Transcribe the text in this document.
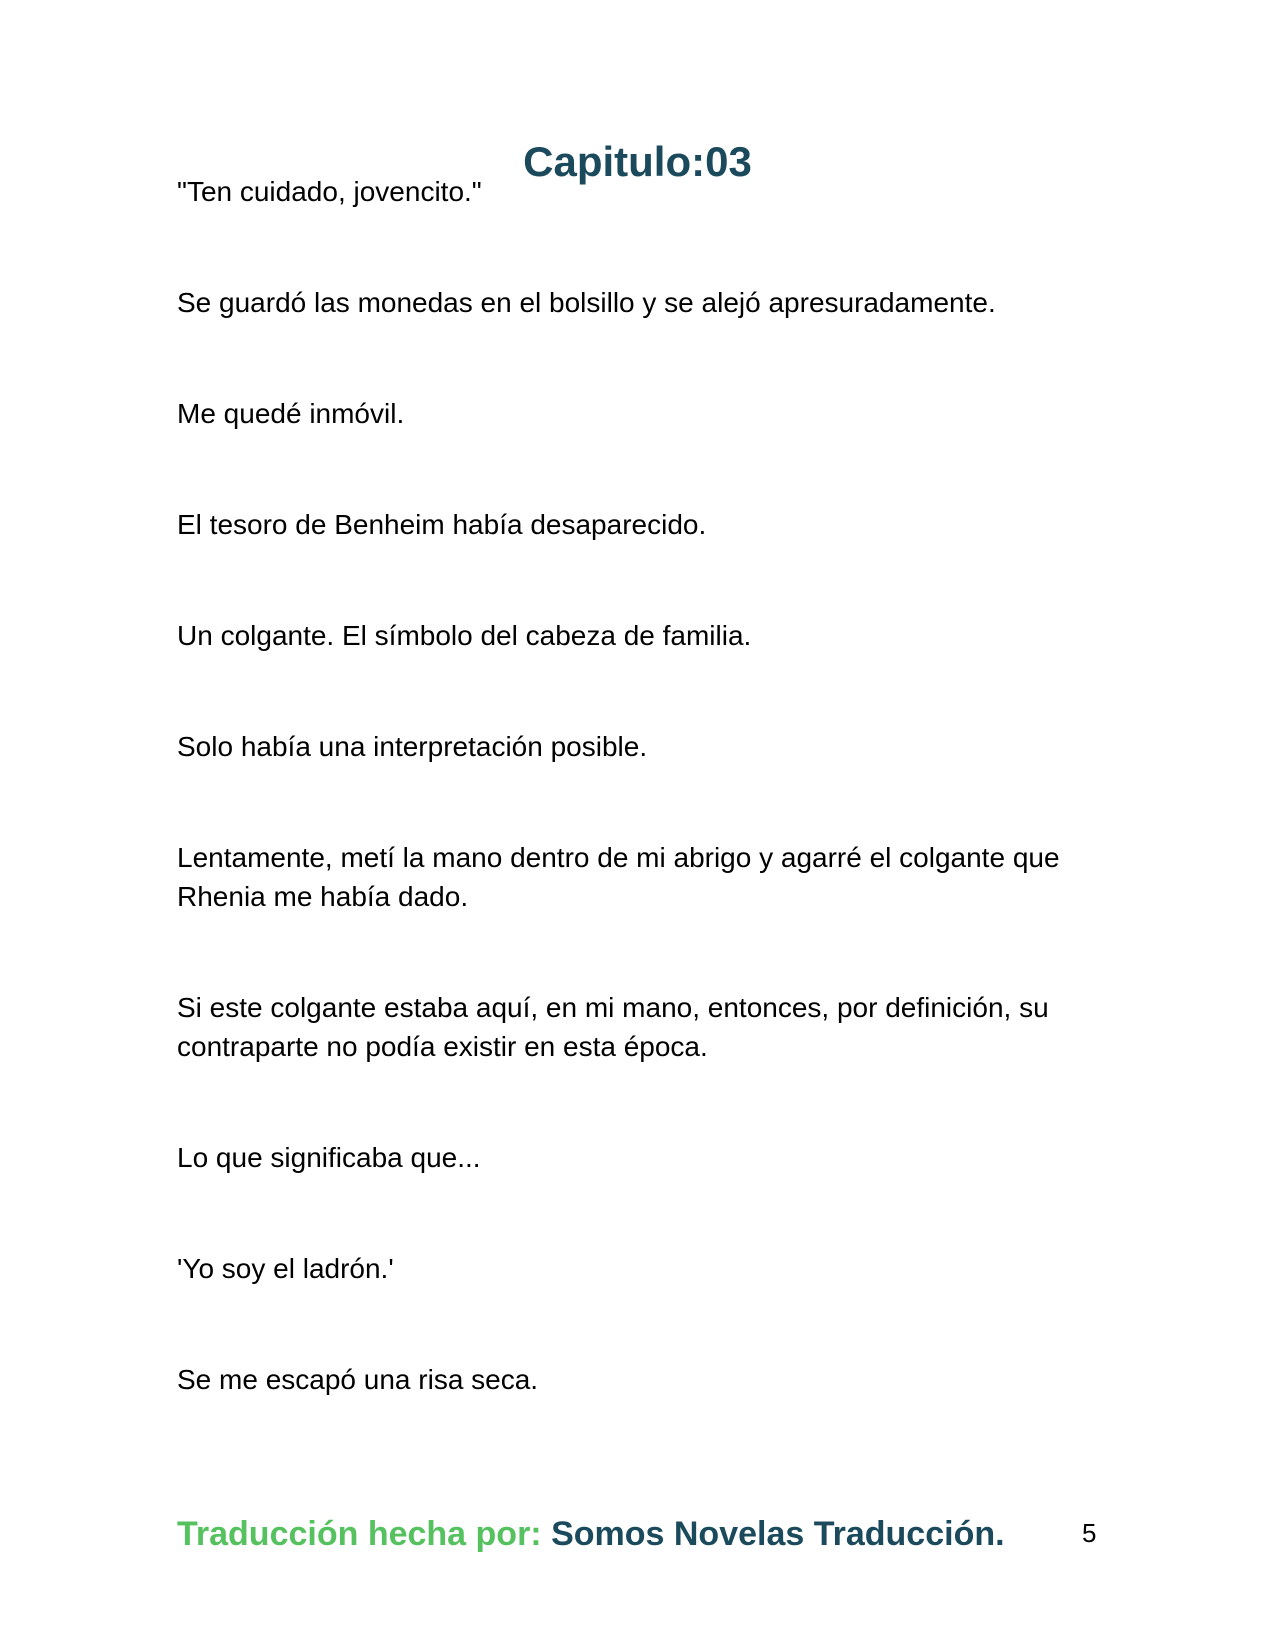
Capitulo:03

"Ten cuidado, jovencito."

Se guardó las monedas en el bolsillo y se alejó apresuradamente.

Me quedé inmóvil.

El tesoro de Benheim había desaparecido.

Un colgante. El símbolo del cabeza de familia.

Solo había una interpretación posible.

Lentamente, metí la mano dentro de mi abrigo y agarré el colgante que Rhenia me había dado.

Si este colgante estaba aquí, en mi mano, entonces, por definición, su contraparte no podía existir en esta época.

Lo que significaba que...

'Yo soy el ladrón.'

Se me escapó una risa seca.

Traducción hecha por: Somos Novelas Traducción.	5
